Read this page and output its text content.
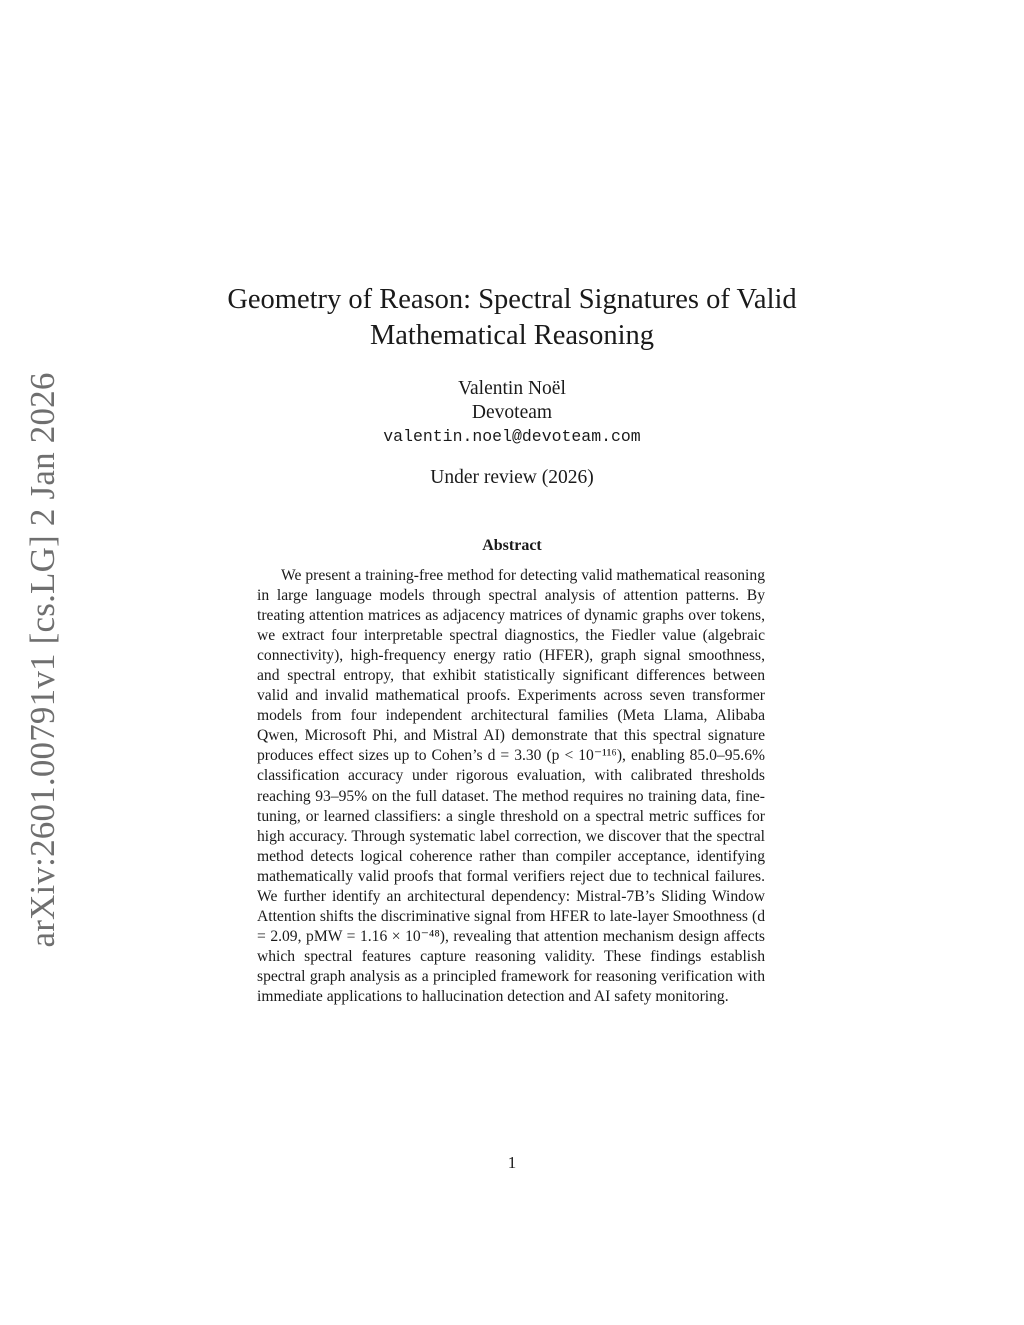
arXiv:2601.00791v1 [cs.LG] 2 Jan 2026
Geometry of Reason: Spectral Signatures of Valid
Mathematical Reasoning
Valentin Noël
Devoteam
valentin.noel@devoteam.com
Under review (2026)
Abstract
We present a training-free method for detecting valid mathematical reasoning in large language models through spectral analysis of attention patterns. By treating attention matrices as adjacency matrices of dynamic graphs over tokens, we extract four interpretable spectral diagnostics, the Fiedler value (algebraic connectivity), high-frequency energy ratio (HFER), graph signal smoothness, and spectral entropy, that exhibit statistically significant differences between valid and invalid mathematical proofs. Experiments across seven transformer models from four independent architectural families (Meta Llama, Alibaba Qwen, Microsoft Phi, and Mistral AI) demonstrate that this spectral signature produces effect sizes up to Cohen’s d = 3.30 (p < 10⁻¹¹⁶), enabling 85.0–95.6% classification accuracy under rigorous evaluation, with calibrated thresholds reaching 93–95% on the full dataset. The method requires no training data, fine-tuning, or learned classifiers: a single threshold on a spectral metric suffices for high accuracy. Through systematic label correction, we discover that the spectral method detects logical coherence rather than compiler acceptance, identifying mathematically valid proofs that formal verifiers reject due to technical failures. We further identify an architectural dependency: Mistral-7B’s Sliding Window Attention shifts the discriminative signal from HFER to late-layer Smoothness (d = 2.09, pMW = 1.16 × 10⁻⁴⁸), revealing that attention mechanism design affects which spectral features capture reasoning validity. These findings establish spectral graph analysis as a principled framework for reasoning verification with immediate applications to hallucination detection and AI safety monitoring.
1
